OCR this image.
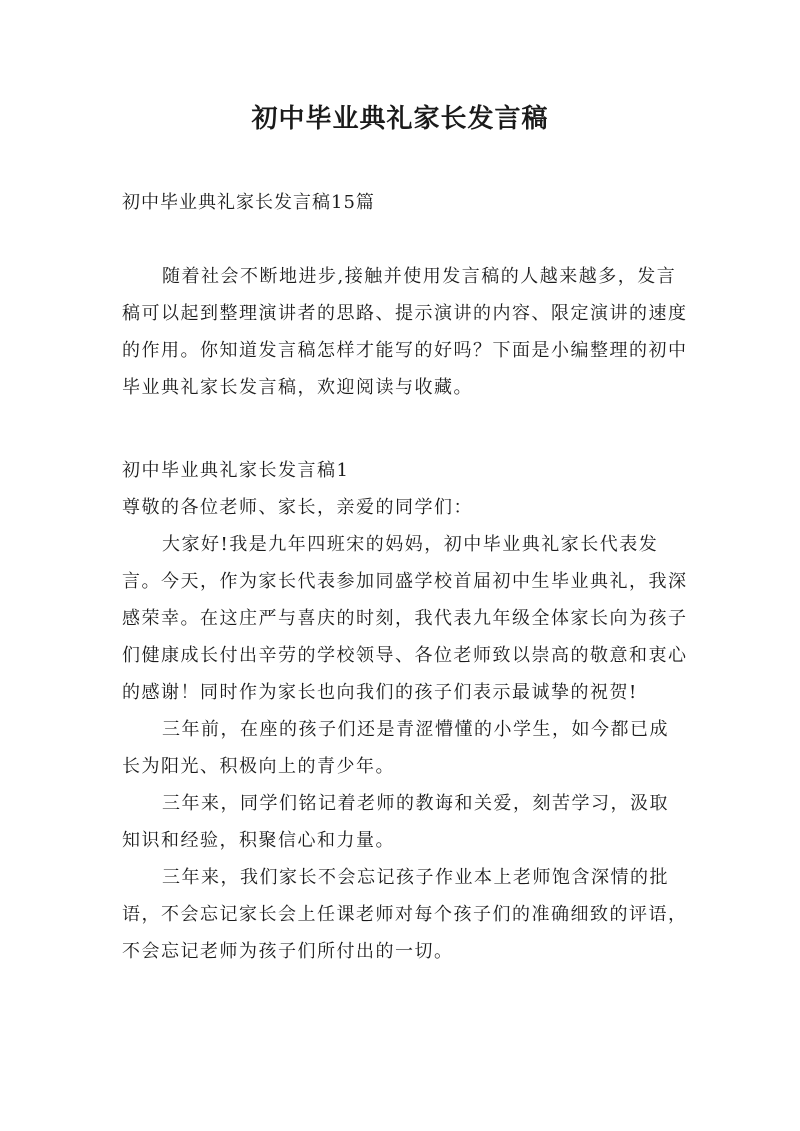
初中毕业典礼家长发言稿
初中毕业典礼家长发言稿15篇

随着社会不断地进步,接触并使用发言稿的人越来越多，发言稿可以起到整理演讲者的思路、提示演讲的内容、限定演讲的速度的作用。你知道发言稿怎样才能写的好吗？下面是小编整理的初中毕业典礼家长发言稿，欢迎阅读与收藏。

初中毕业典礼家长发言稿1

尊敬的各位老师、家长，亲爱的同学们：

大家好!我是九年四班宋的妈妈，初中毕业典礼家长代表发言。今天，作为家长代表参加同盛学校首届初中生毕业典礼，我深感荣幸。在这庄严与喜庆的时刻，我代表九年级全体家长向为孩子们健康成长付出辛劳的学校领导、各位老师致以崇高的敬意和衷心的感谢！同时作为家长也向我们的孩子们表示最诚挚的祝贺!

三年前，在座的孩子们还是青涩懵懂的小学生，如今都已成长为阳光、积极向上的青少年。

三年来，同学们铭记着老师的教诲和关爱，刻苦学习，汲取知识和经验，积聚信心和力量。

三年来，我们家长不会忘记孩子作业本上老师饱含深情的批语，不会忘记家长会上任课老师对每个孩子们的准确细致的评语，不会忘记老师为孩子们所付出的一切。
